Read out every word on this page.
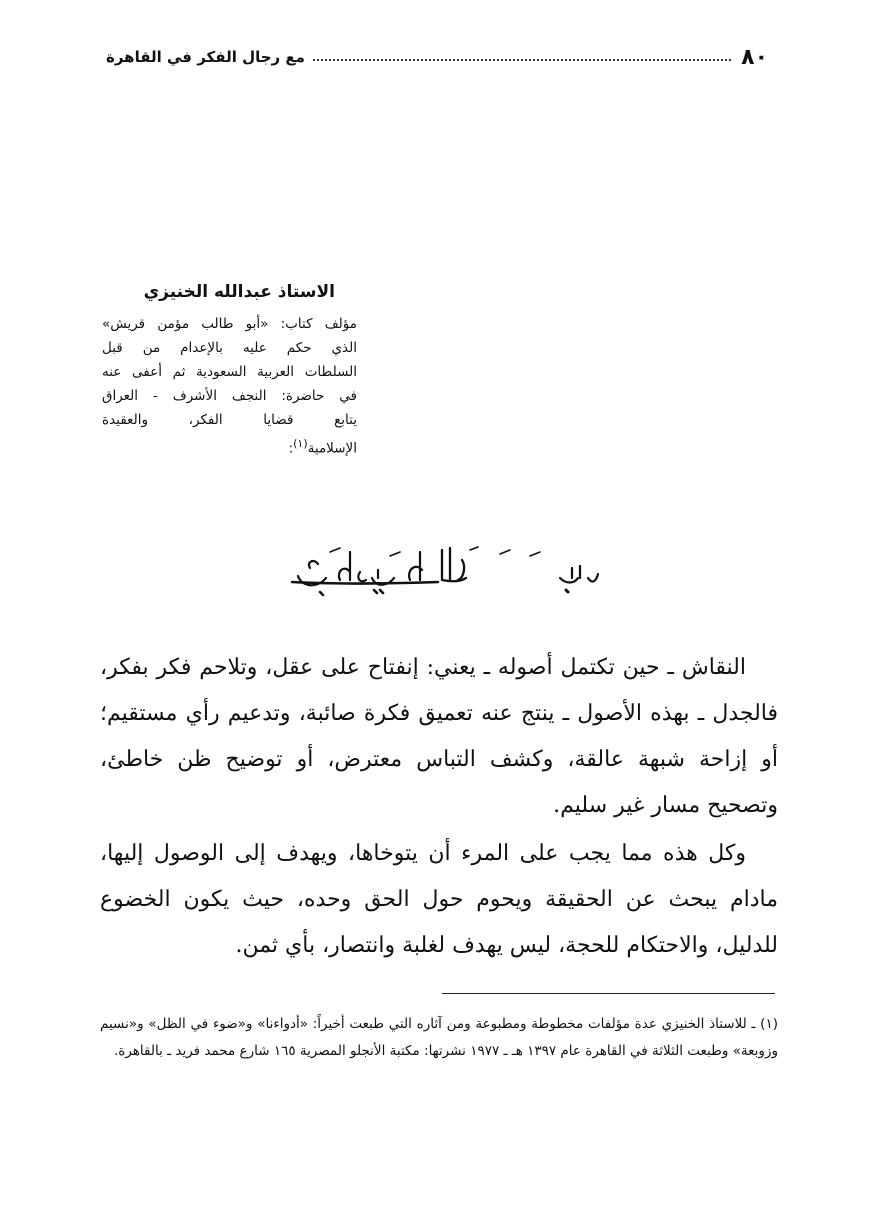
٨٠
مع رجال الفكر في القاهرة
الاستاذ عبدالله الخنيزي
مؤلف كتاب: «أبو طالب مؤمن قريش»
الذي حكم عليه بالإعدام من قبل
السلطات العربية السعودية ثم أعفى عنه
في حاضرة: النجف الأشرف - العراق
يتابع قضايا الفكر، والعقيدة
الإسلامية$^{(١)}$:

النقاش ـ حين تكتمل أصوله ـ يعني: إنفتاح على عقل، وتلاحم فكر بفكر، فالجدل ـ بهذه الأصول ـ ينتج عنه تعميق فكرة صائبة، وتدعيم رأي مستقيم؛ أو إزاحة شبهة عالقة، وكشف التباس معترض، أو توضيح ظن خاطئ، وتصحيح مسار غير سليم.

وكل هذه مما يجب على المرء أن يتوخاها، ويهدف إلى الوصول إليها، مادام يبحث عن الحقيقة ويحوم حول الحق وحده، حيث يكون الخضوع للدليل، والاحتكام للحجة، ليس يهدف لغلبة وانتصار، بأي ثمن.

(١) ـ للاستاذ الخنيزي عدة مؤلفات مخطوطة ومطبوعة ومن آثاره التي طبعت أخيراً: «أدواءنا» و«ضوء في الظل» و«نسيم وزوبعة» وطبعت الثلاثة في القاهرة عام ١٣٩٧ هـ ـ ١٩٧٧ نشرتها: مكتبة الأنجلو المصرية ١٦٥ شارع محمد فريد ـ بالقاهرة.
